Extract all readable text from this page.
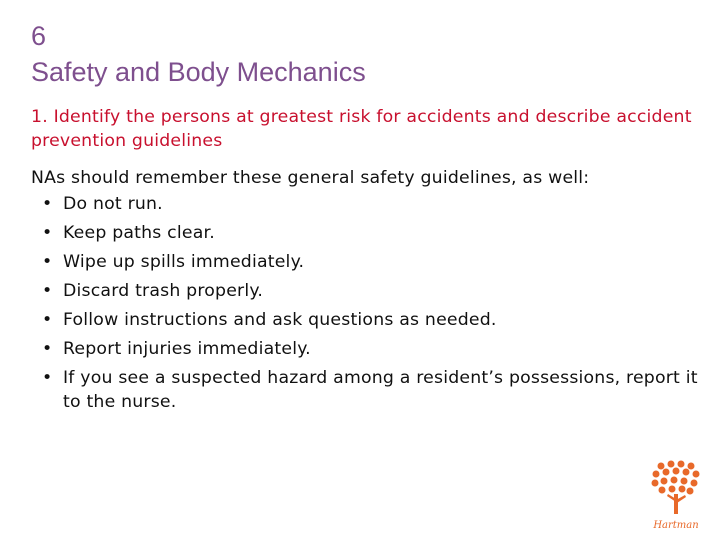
6
Safety and Body Mechanics
1. Identify the persons at greatest risk for accidents and describe accident prevention guidelines

NAs should remember these general safety guidelines, as well:

• Do not run.
• Keep paths clear.
• Wipe up spills immediately.
• Discard trash properly.
• Follow instructions and ask questions as needed.
• Report injuries immediately.
• If you see a suspected hazard among a resident’s possessions, report it to the nurse.
Hartman
